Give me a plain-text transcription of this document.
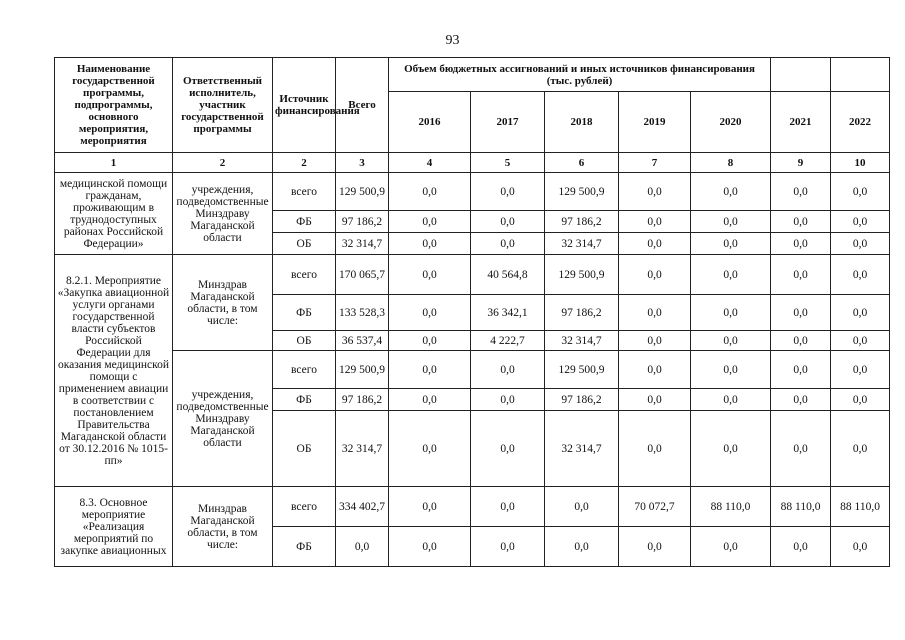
93
Наименование государственной программы, подпрограммы, основного мероприятия, мероприятия	Ответственный исполнитель, участник государственной программы	Источник финансирования	Всего	Объем бюджетных ассигнований и иных источников финансирования (тыс. рублей)						
				2016	2017	2018	2019	2020	2021	2022
1	2	2	3	4	5	6	7	8	9	10
медицинской помощи гражданам, проживающим в труднодоступных районах Российской Федерации»	учреждения, подведомственные Минздраву Магаданской области	всего	129 500,9	0,0	0,0	129 500,9	0,0	0,0	0,0	0,0
		ФБ	97 186,2	0,0	0,0	97 186,2	0,0	0,0	0,0	0,0
		ОБ	32 314,7	0,0	0,0	32 314,7	0,0	0,0	0,0	0,0
8.2.1. Мероприятие «Закупка авиационной услуги органами государственной власти субъектов Российской Федерации для оказания медицинской помощи с применением авиации в соответствии с постановлением Правительства Магаданской области от 30.12.2016 № 1015-пп»	Минздрав Магаданской области, в том числе:	всего	170 065,7	0,0	40 564,8	129 500,9	0,0	0,0	0,0	0,0
		ФБ	133 528,3	0,0	36 342,1	97 186,2	0,0	0,0	0,0	0,0
		ОБ	36 537,4	0,0	4 222,7	32 314,7	0,0	0,0	0,0	0,0
	учреждения, подведомственные Минздраву Магаданской области	всего	129 500,9	0,0	0,0	129 500,9	0,0	0,0	0,0	0,0
		ФБ	97 186,2	0,0	0,0	97 186,2	0,0	0,0	0,0	0,0
		ОБ	32 314,7	0,0	0,0	32 314,7	0,0	0,0	0,0	0,0
8.3. Основное мероприятие «Реализация мероприятий по закупке авиационных	Минздрав Магаданской области, в том числе:	всего	334 402,7	0,0	0,0	0,0	70 072,7	88 110,0	88 110,0	88 110,0
		ФБ	0,0	0,0	0,0	0,0	0,0	0,0	0,0	0,0
